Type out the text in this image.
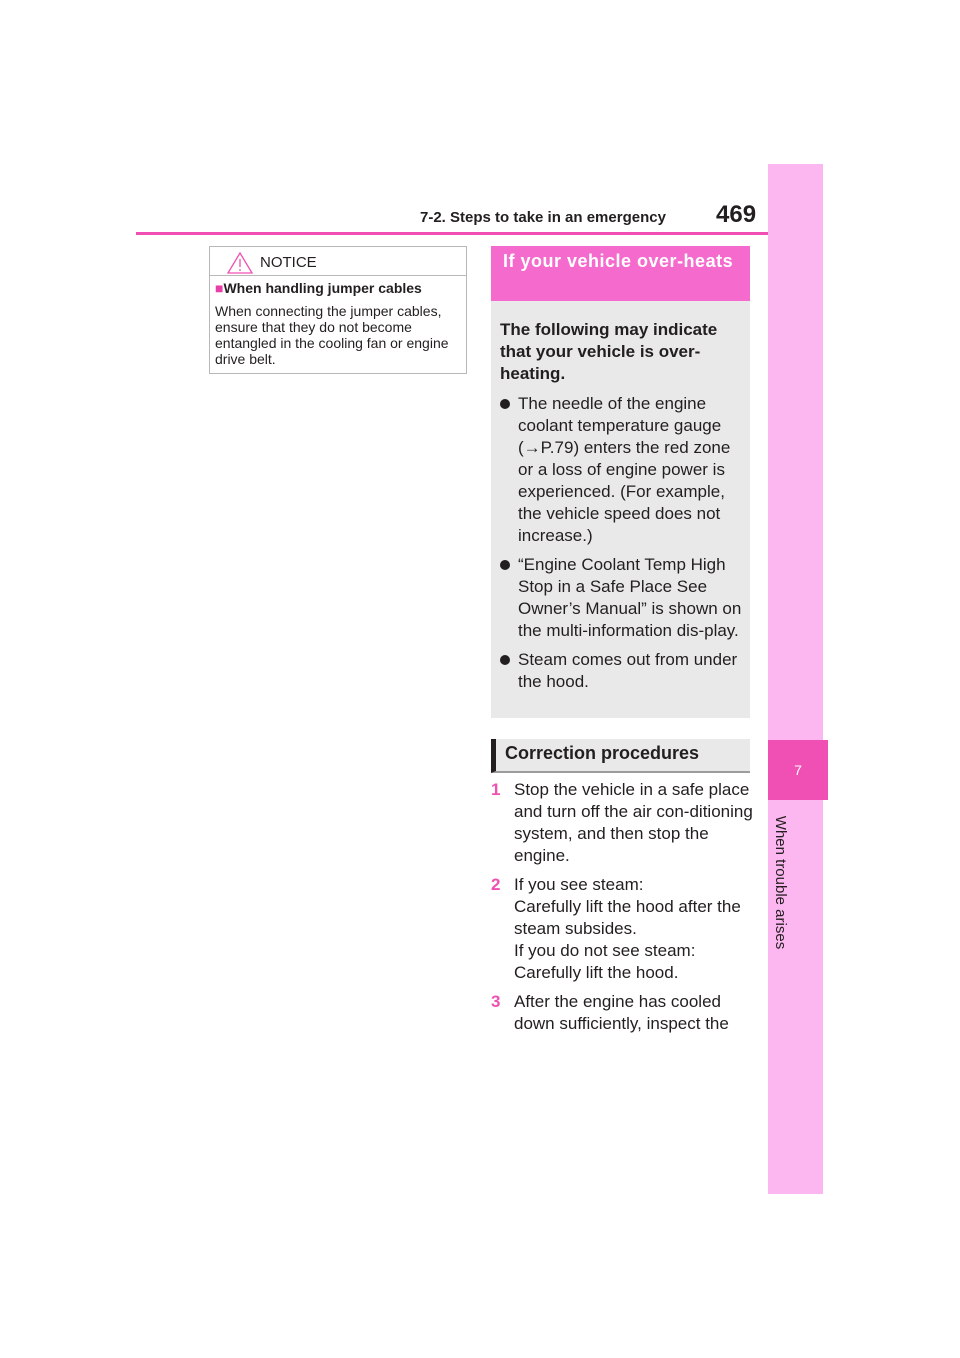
7-2. Steps to take in an emergency 469
7
When trouble arises
NOTICE
■When handling jumper cables
When connecting the jumper cables, ensure that they do not become entangled in the cooling fan or engine drive belt.
If your vehicle over-heats
The following may indicate that your vehicle is over-heating.
The needle of the engine coolant temperature gauge (→P.79) enters the red zone or a loss of engine power is experienced. (For example, the vehicle speed does not increase.)
“Engine Coolant Temp High Stop in a Safe Place See Owner’s Manual” is shown on the multi-information dis-play.
Steam comes out from under the hood.
Correction procedures
1 Stop the vehicle in a safe place and turn off the air con-ditioning system, and then stop the engine.
2 If you see steam:
Carefully lift the hood after the steam subsides.
If you do not see steam:
Carefully lift the hood.
3 After the engine has cooled down sufficiently, inspect the
